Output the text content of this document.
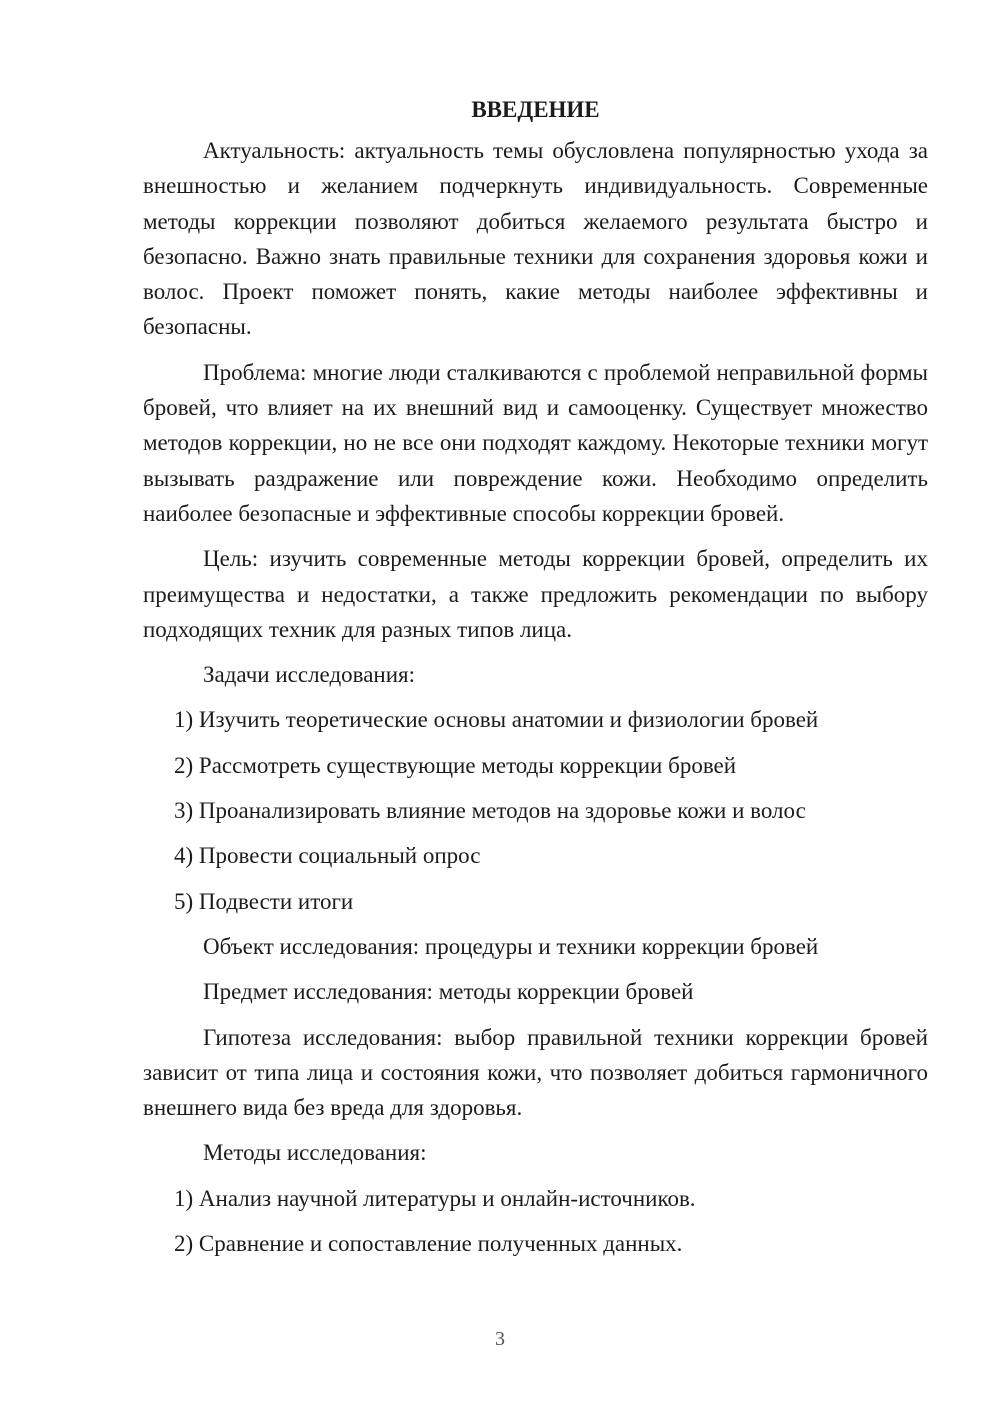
ВВЕДЕНИЕ

Актуальность: актуальность темы обусловлена популярностью ухода за внешностью и желанием подчеркнуть индивидуальность. Современные методы коррекции позволяют добиться желаемого результата быстро и безопасно. Важно знать правильные техники для сохранения здоровья кожи и волос. Проект поможет понять, какие методы наиболее эффективны и безопасны.

Проблема: многие люди сталкиваются с проблемой неправильной формы бровей, что влияет на их внешний вид и самооценку. Существует множество методов коррекции, но не все они подходят каждому. Некоторые техники могут вызывать раздражение или повреждение кожи. Необходимо определить наиболее безопасные и эффективные способы коррекции бровей.

Цель: изучить современные методы коррекции бровей, определить их преимущества и недостатки, а также предложить рекомендации по выбору подходящих техник для разных типов лица.

Задачи исследования:

1) Изучить теоретические основы анатомии и физиологии бровей

2) Рассмотреть существующие методы коррекции бровей

3) Проанализировать влияние методов на здоровье кожи и волос

4) Провести социальный опрос

5) Подвести итоги

Объект исследования: процедуры и техники коррекции бровей

Предмет исследования: методы коррекции бровей

Гипотеза исследования: выбор правильной техники коррекции бровей зависит от типа лица и состояния кожи, что позволяет добиться гармоничного внешнего вида без вреда для здоровья.

Методы исследования:

1) Анализ научной литературы и онлайн-источников.

2) Сравнение и сопоставление полученных данных.

3
